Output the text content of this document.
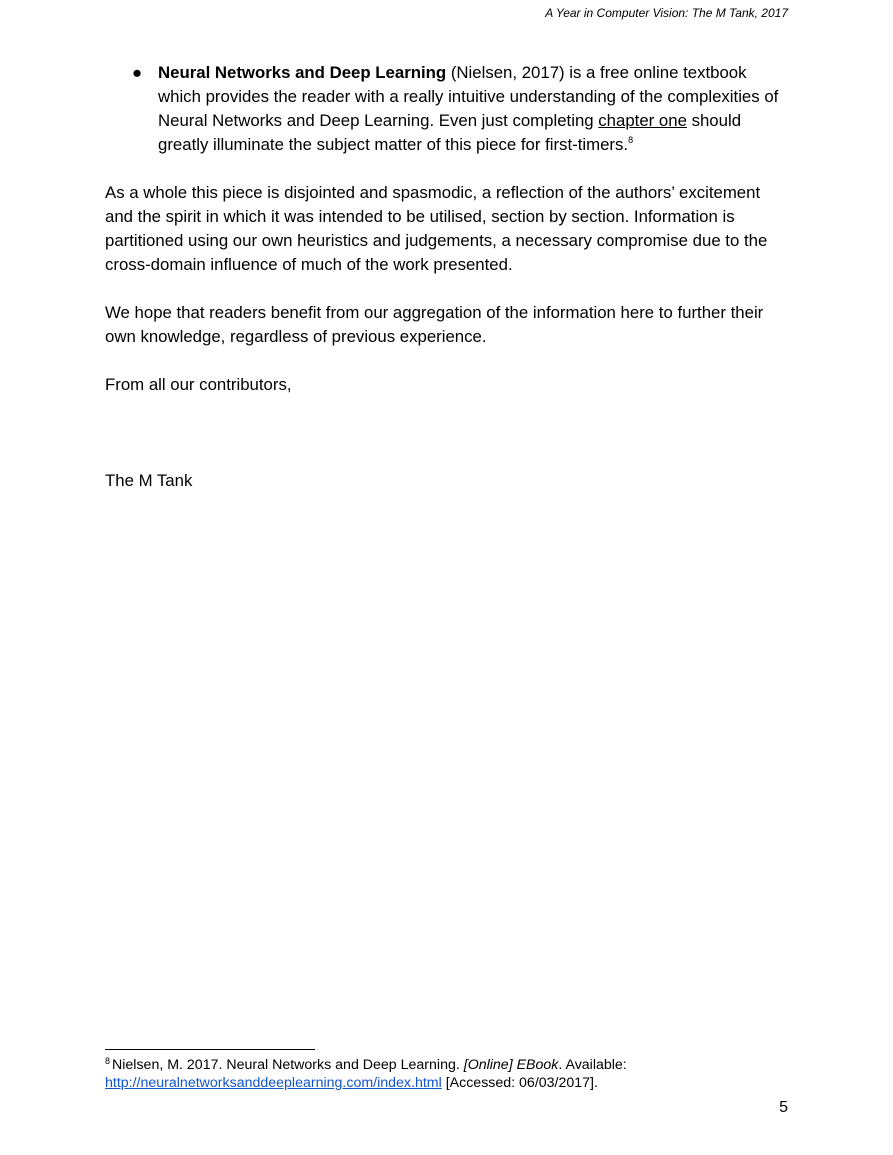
A Year in Computer Vision: The M Tank, 2017
● Neural Networks and Deep Learning (Nielsen, 2017) is a free online textbook which provides the reader with a really intuitive understanding of the complexities of Neural Networks and Deep Learning. Even just completing chapter one should greatly illuminate the subject matter of this piece for first-timers.$^8$

As a whole this piece is disjointed and spasmodic, a reflection of the authors’ excitement and the spirit in which it was intended to be utilised, section by section. Information is partitioned using our own heuristics and judgements, a necessary compromise due to the cross-domain influence of much of the work presented.

We hope that readers benefit from our aggregation of the information here to further their own knowledge, regardless of previous experience.

From all our contributors,

The M Tank

$^8$ Nielsen, M. 2017. Neural Networks and Deep Learning. [Online] EBook. Available:
http://neuralnetworksanddeeplearning.com/index.html [Accessed: 06/03/2017].
5
